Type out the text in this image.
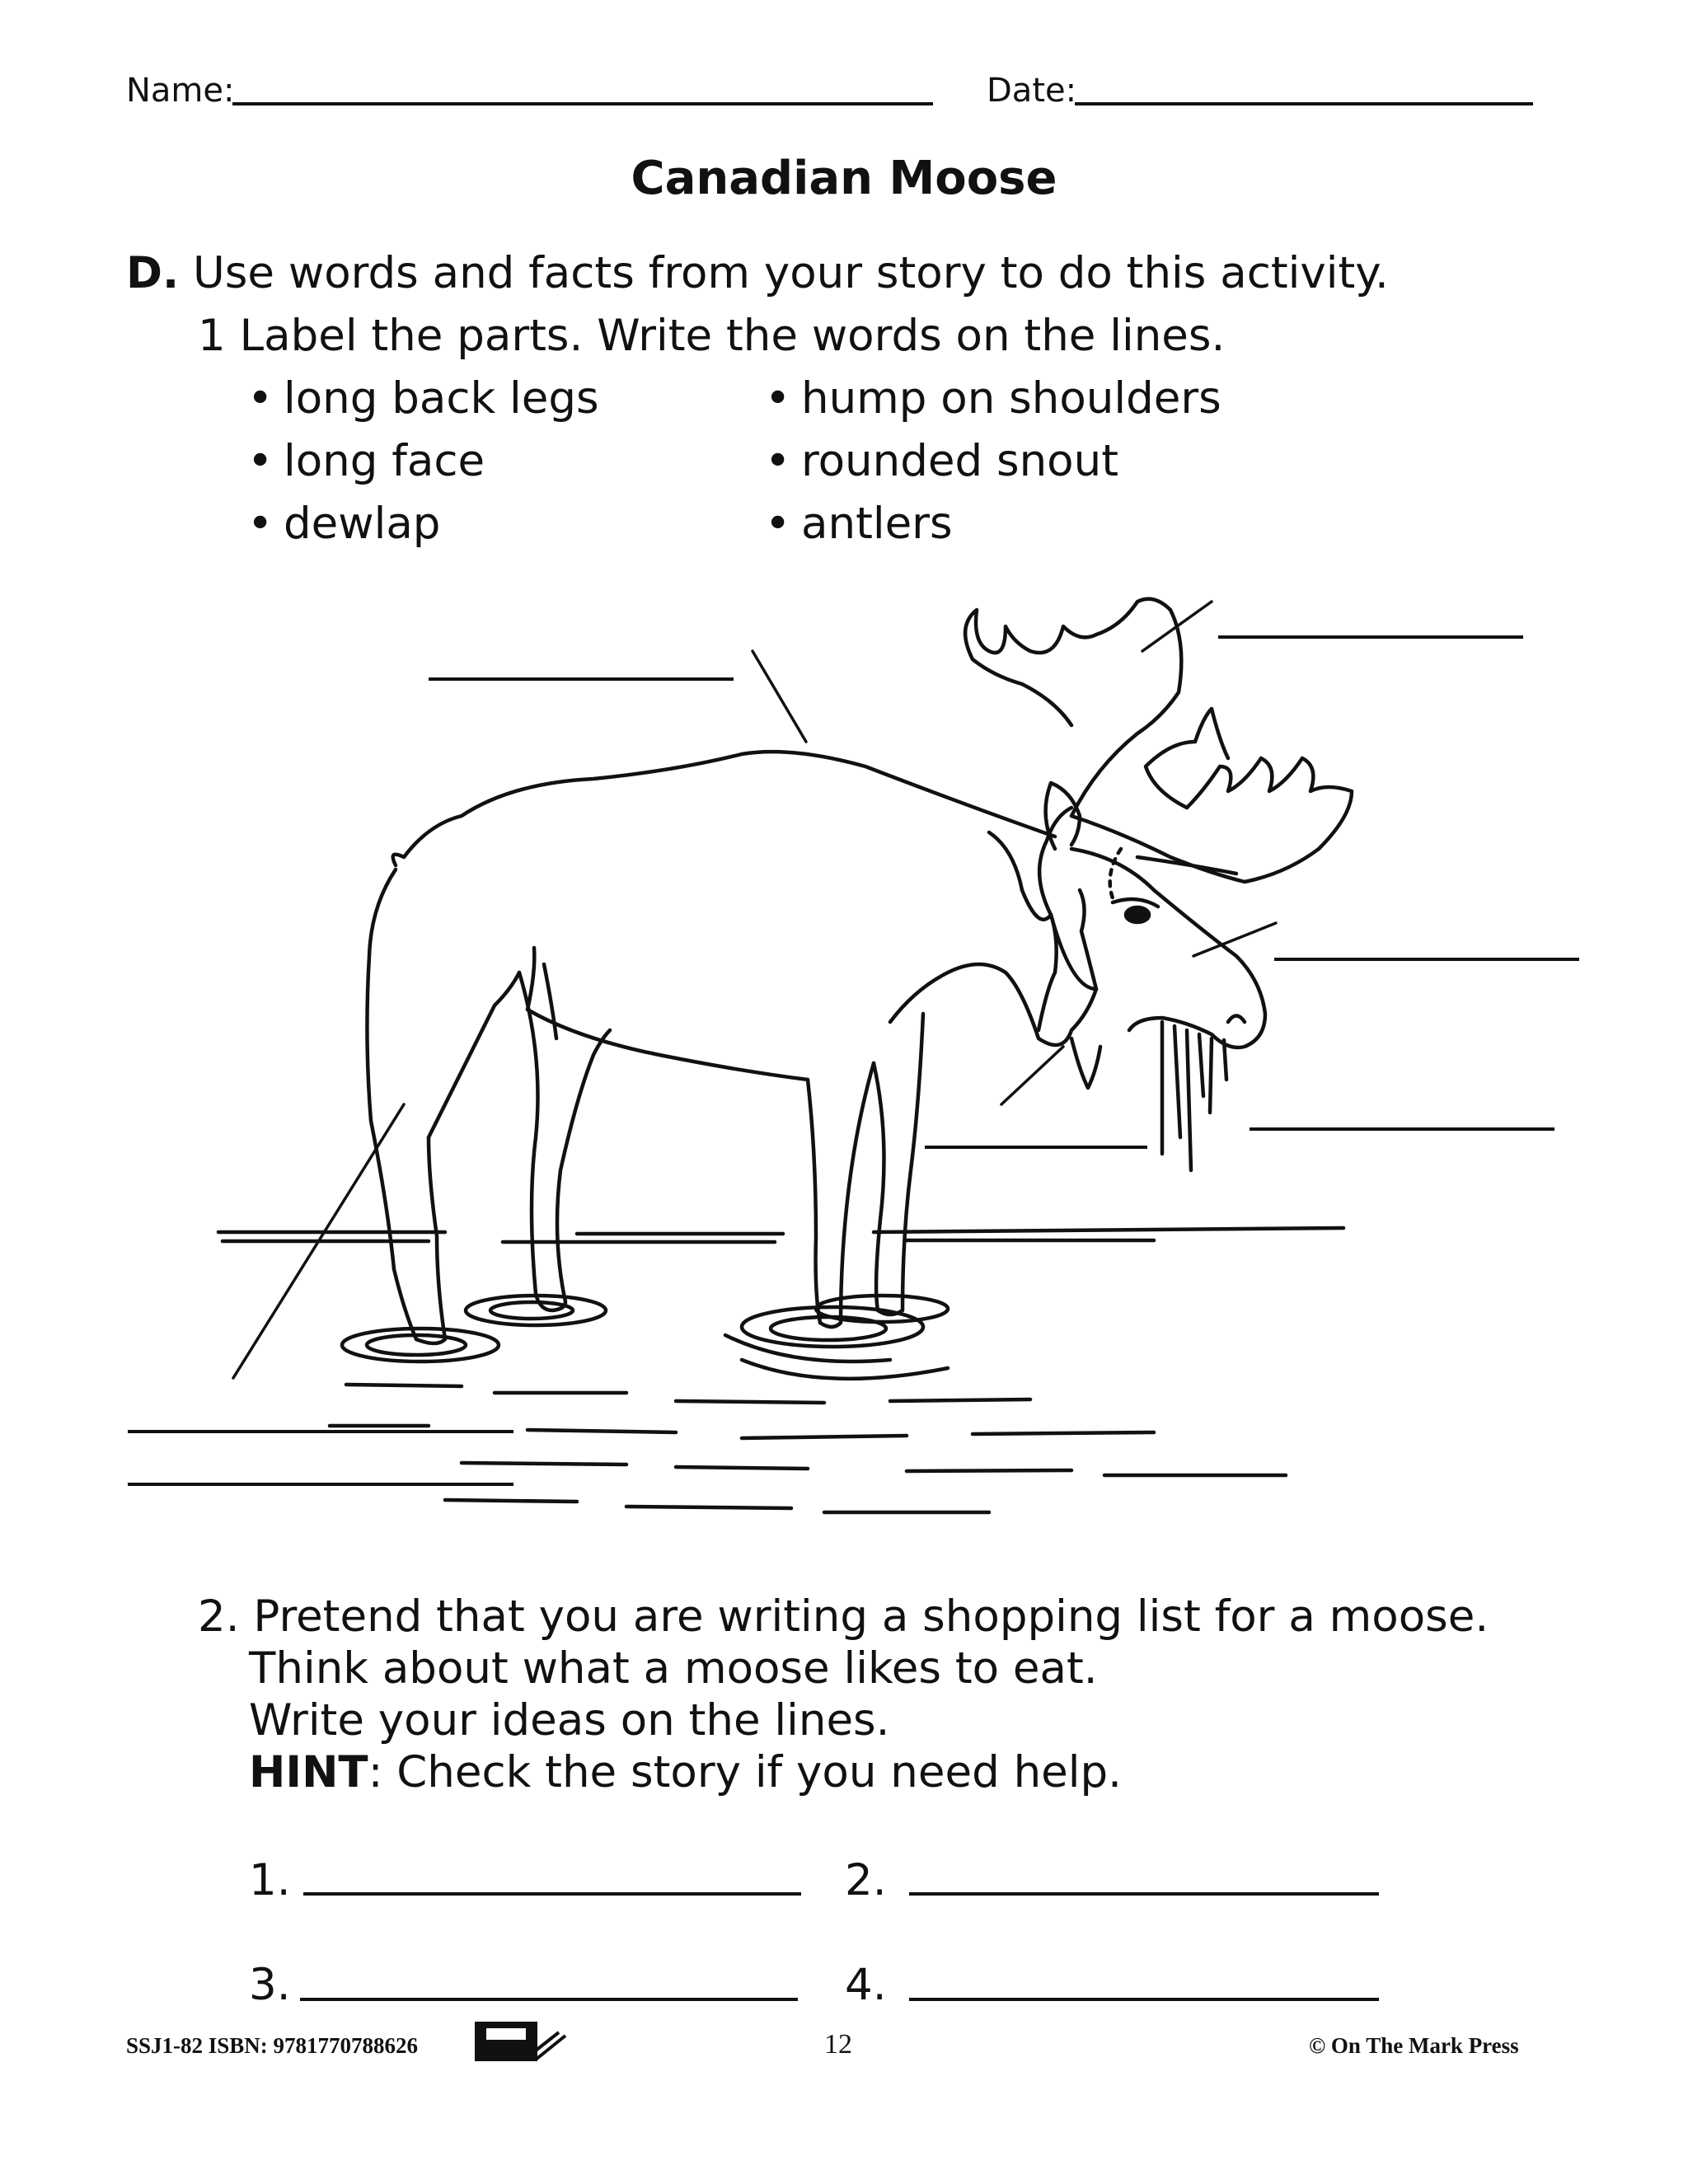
Name:	Date:
Canadian Moose
D. Use words and facts from your story to do this activity.
1 Label the parts. Write the words on the lines.
• long back legs
• long face
• dewlap
• hump on shoulders
• rounded snout
• antlers
2. Pretend that you are writing a shopping list for a moose.
Think about what a moose likes to eat.
Write your ideas on the lines.
HINT: Check the story if you need help.
1.	2.
3.	4.
SSJ1-82 ISBN: 9781770788626	12	© On The Mark Press
